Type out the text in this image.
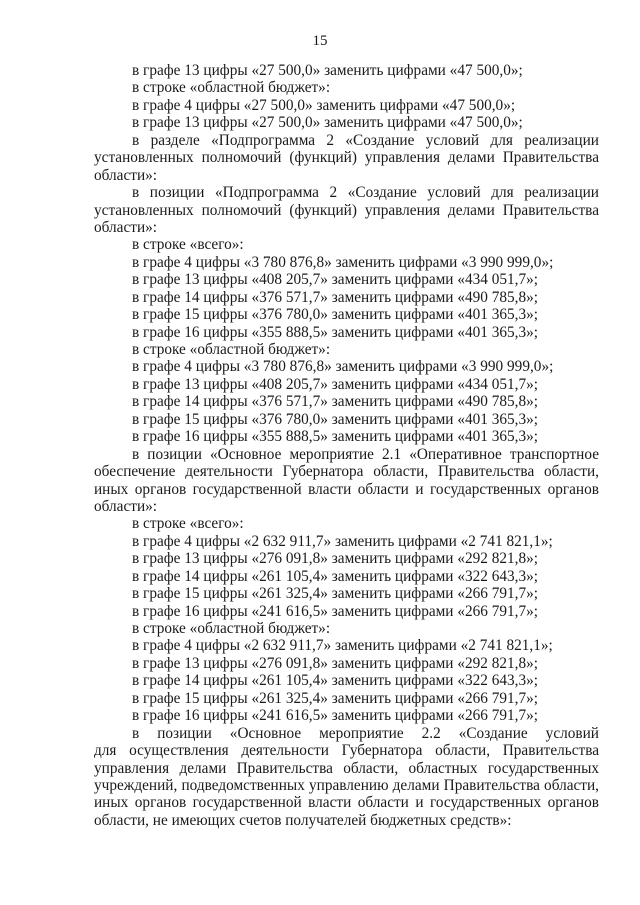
15
в графе 13 цифры «27 500,0» заменить цифрами «47 500,0»;
в строке «областной бюджет»:
в графе 4 цифры «27 500,0» заменить цифрами «47 500,0»;
в графе 13 цифры «27 500,0» заменить цифрами «47 500,0»;
в разделе «Подпрограмма 2 «Создание условий для реализации
установленных полномочий (функций) управления делами Правительства
области»:
в позиции «Подпрограмма 2 «Создание условий для реализации
установленных полномочий (функций) управления делами Правительства
области»:
в строке «всего»:
в графе 4 цифры «3 780 876,8» заменить цифрами «3 990 999,0»;
в графе 13 цифры «408 205,7» заменить цифрами «434 051,7»;
в графе 14 цифры «376 571,7» заменить цифрами «490 785,8»;
в графе 15 цифры «376 780,0» заменить цифрами «401 365,3»;
в графе 16 цифры «355 888,5» заменить цифрами «401 365,3»;
в строке «областной бюджет»:
в графе 4 цифры «3 780 876,8» заменить цифрами «3 990 999,0»;
в графе 13 цифры «408 205,7» заменить цифрами «434 051,7»;
в графе 14 цифры «376 571,7» заменить цифрами «490 785,8»;
в графе 15 цифры «376 780,0» заменить цифрами «401 365,3»;
в графе 16 цифры «355 888,5» заменить цифрами «401 365,3»;
в позиции «Основное мероприятие 2.1 «Оперативное транспортное
обеспечение деятельности Губернатора области, Правительства области,
иных органов государственной власти области и государственных органов
области»:
в строке «всего»:
в графе 4 цифры «2 632 911,7» заменить цифрами «2 741 821,1»;
в графе 13 цифры «276 091,8» заменить цифрами «292 821,8»;
в графе 14 цифры «261 105,4» заменить цифрами «322 643,3»;
в графе 15 цифры «261 325,4» заменить цифрами «266 791,7»;
в графе 16 цифры «241 616,5» заменить цифрами «266 791,7»;
в строке «областной бюджет»:
в графе 4 цифры «2 632 911,7» заменить цифрами «2 741 821,1»;
в графе 13 цифры «276 091,8» заменить цифрами «292 821,8»;
в графе 14 цифры «261 105,4» заменить цифрами «322 643,3»;
в графе 15 цифры «261 325,4» заменить цифрами «266 791,7»;
в графе 16 цифры «241 616,5» заменить цифрами «266 791,7»;
в позиции «Основное мероприятие 2.2 «Создание условий
для осуществления деятельности Губернатора области, Правительства
управления делами Правительства области, областных государственных
учреждений, подведомственных управлению делами Правительства области,
иных органов государственной власти области и государственных органов
области, не имеющих счетов получателей бюджетных средств»:
